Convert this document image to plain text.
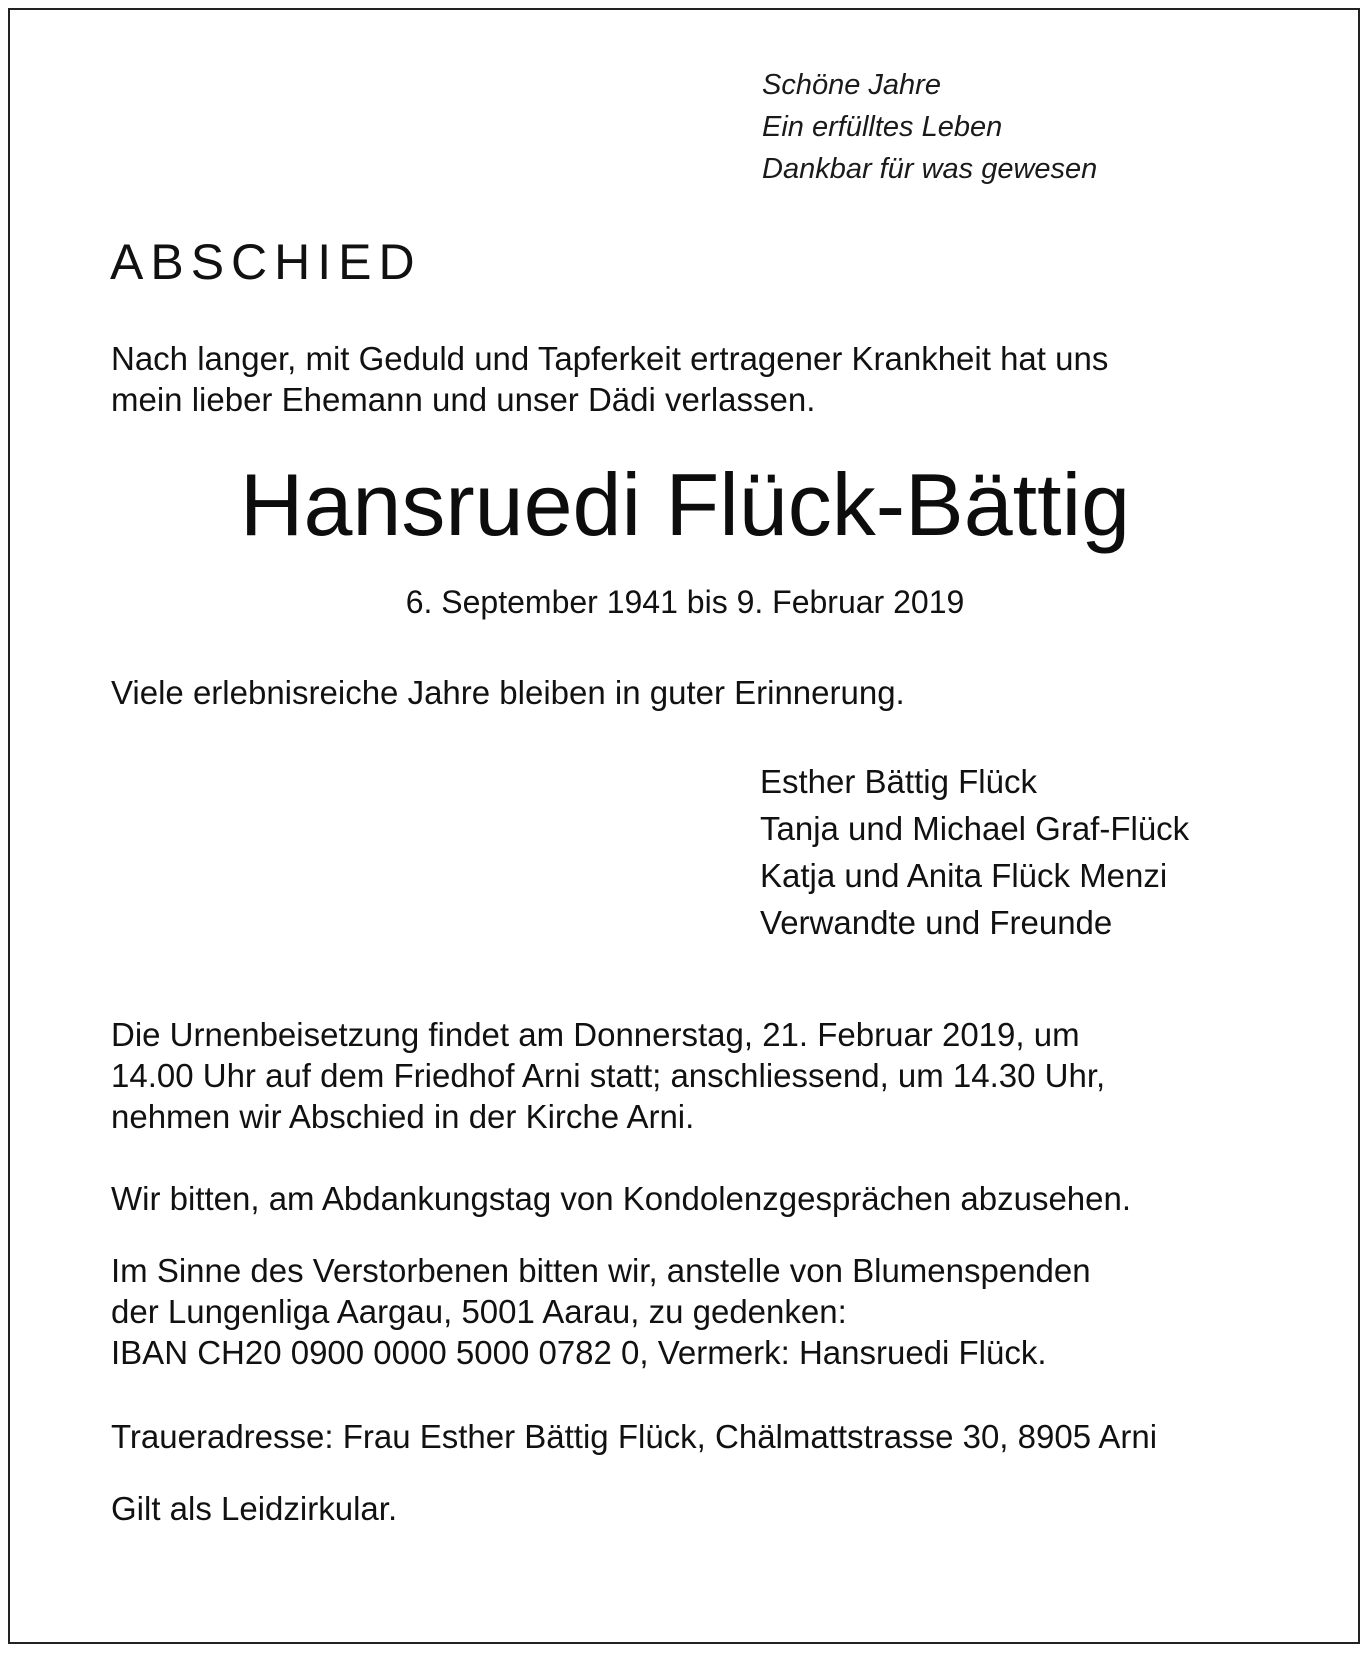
Schöne Jahre
Ein erfülltes Leben
Dankbar für was gewesen
ABSCHIED
Nach langer, mit Geduld und Tapferkeit ertragener Krankheit hat uns
mein lieber Ehemann und unser Dädi verlassen.
Hansruedi Flück-Bättig
6. September 1941 bis 9. Februar 2019
Viele erlebnisreiche Jahre bleiben in guter Erinnerung.
Esther Bättig Flück
Tanja und Michael Graf-Flück
Katja und Anita Flück Menzi
Verwandte und Freunde
Die Urnenbeisetzung findet am Donnerstag, 21. Februar 2019, um
14.00 Uhr auf dem Friedhof Arni statt; anschliessend, um 14.30 Uhr,
nehmen wir Abschied in der Kirche Arni.
Wir bitten, am Abdankungstag von Kondolenzgesprächen abzusehen.
Im Sinne des Verstorbenen bitten wir, anstelle von Blumenspenden
der Lungenliga Aargau, 5001 Aarau, zu gedenken:
IBAN CH20 0900 0000 5000 0782 0, Vermerk: Hansruedi Flück.
Traueradresse: Frau Esther Bättig Flück, Chälmattstrasse 30, 8905 Arni
Gilt als Leidzirkular.
